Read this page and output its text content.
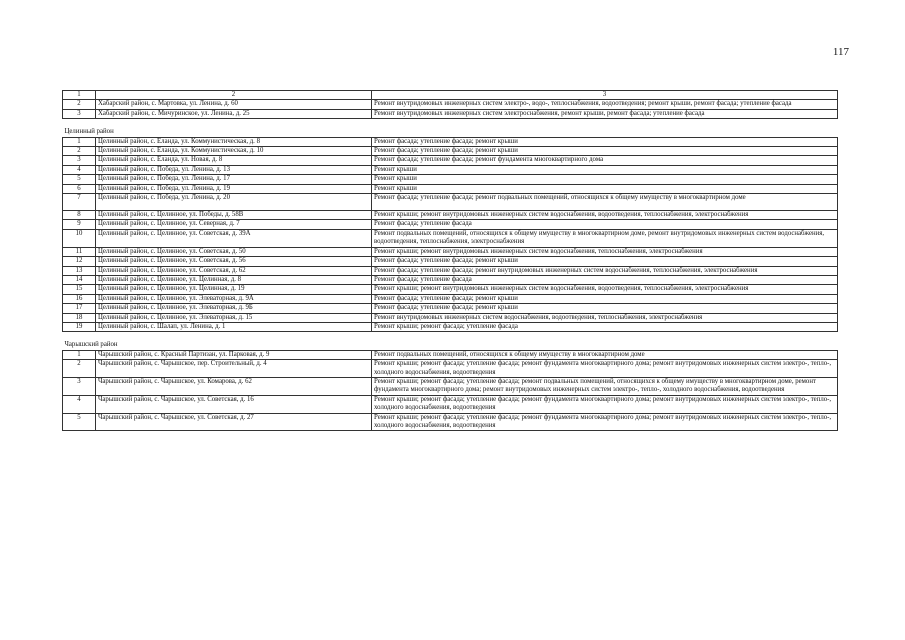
117
1	2	3
2	Хабарский район, с. Мартовка, ул. Ленина, д. 60	Ремонт внутридомовых инженерных систем электро-, водо-, теплоснабжения, водоотведения; ремонт крыши, ремонт фасада; утепление фасада
3	Хабарский район, с. Мичуринское, ул. Ленина, д. 25	Ремонт внутридомовых инженерных систем электроснабжения, ремонт крыши, ремонт фасада; утепление фасада
Целинный район		
1	Целинный район, с. Еланда, ул. Коммунистическая, д. 8	Ремонт фасада; утепление фасада; ремонт крыши
2	Целинный район, с. Еланда, ул. Коммунистическая, д. 10	Ремонт фасада; утепление фасада; ремонт крыши
3	Целинный район, с. Еланда, ул. Новая, д. 8	Ремонт фасада; утепление фасада; ремонт фундамента многоквартирного дома
4	Целинный район, с. Победа, ул. Ленина, д. 13	Ремонт крыши
5	Целинный район, с. Победа, ул. Ленина, д. 17	Ремонт крыши
6	Целинный район, с. Победа, ул. Ленина, д. 19	Ремонт крыши
7	Целинный район, с. Победа, ул. Ленина, д. 20	Ремонт фасада; утепление фасада; ремонт подвальных помещений, относящихся к общему имуществу в многоквартирном доме
8	Целинный район, с. Целинное, ул. Победы, д. 58В	Ремонт крыши; ремонт внутридомовых инженерных систем водоснабжения, водоотведения, теплоснабжения, электроснабжения
9	Целинный район, с. Целинное, ул. Северная, д. 7	Ремонт фасада; утепление фасада
10	Целинный район, с. Целинное, ул. Советская, д. 39А	Ремонт подвальных помещений, относящихся к общему имуществу в многоквартирном доме, ремонт внутридомовых инженерных систем водоснабжения, водоотведения, теплоснабжения, электроснабжения
11	Целинный район, с. Целинное, ул. Советская, д. 50	Ремонт крыши; ремонт внутридомовых инженерных систем водоснабжения, теплоснабжения, электроснабжения
12	Целинный район, с. Целинное, ул. Советская, д. 56	Ремонт фасада; утепление фасада; ремонт крыши
13	Целинный район, с. Целинное, ул. Советская, д. 62	Ремонт фасада; утепление фасада; ремонт внутридомовых инженерных систем водоснабжения, теплоснабжения, электроснабжения
14	Целинный район, с. Целинное, ул. Целинная, д. 8	Ремонт фасада; утепление фасада
15	Целинный район, с. Целинное, ул. Целинная, д. 19	Ремонт крыши; ремонт внутридомовых инженерных систем водоснабжения, водоотведения, теплоснабжения, электроснабжения
16	Целинный район, с. Целинное, ул. Элеваторная, д. 9А	Ремонт фасада; утепление фасада; ремонт крыши
17	Целинный район, с. Целинное, ул. Элеваторная, д. 9Б	Ремонт фасада; утепление фасада; ремонт крыши
18	Целинный район, с. Целинное, ул. Элеваторная, д. 15	Ремонт внутридомовых инженерных систем водоснабжения, водоотведения, теплоснабжения, электроснабжения
19	Целинный район, с. Шалап, ул. Ленина, д. 1	Ремонт крыши; ремонт фасада; утепление фасада
Чарышский район		
1	Чарышский район, с. Красный Партизан, ул. Парковая, д. 9	Ремонт подвальных помещений, относящихся к общему имуществу в многоквартирном доме
2	Чарышский район, с. Чарышское, пер. Строительный, д. 4	Ремонт крыши; ремонт фасада; утепление фасада; ремонт фундамента многоквартирного дома; ремонт внутридомовых инженерных систем электро-, тепло-, холодного водоснабжения, водоотведения
3	Чарышский район, с. Чарышское, ул. Комарова, д. 62	Ремонт крыши; ремонт фасада; утепление фасада; ремонт подвальных помещений, относящихся к общему имуществу в многоквартирном доме, ремонт фундамента многоквартирного дома; ремонт внутридомовых инженерных систем электро-, тепло-, холодного водоснабжения, водоотведения
4	Чарышский район, с. Чарышское, ул. Советская, д. 16	Ремонт крыши; ремонт фасада; утепление фасада; ремонт фундамента многоквартирного дома; ремонт внутридомовых инженерных систем электро-, тепло-, холодного водоснабжения, водоотведения
5	Чарышский район, с. Чарышское, ул. Советская, д. 27	Ремонт крыши; ремонт фасада; утепление фасада; ремонт фундамента многоквартирного дома; ремонт внутридомовых инженерных систем электро-, тепло-, холодного водоснабжения, водоотведения
